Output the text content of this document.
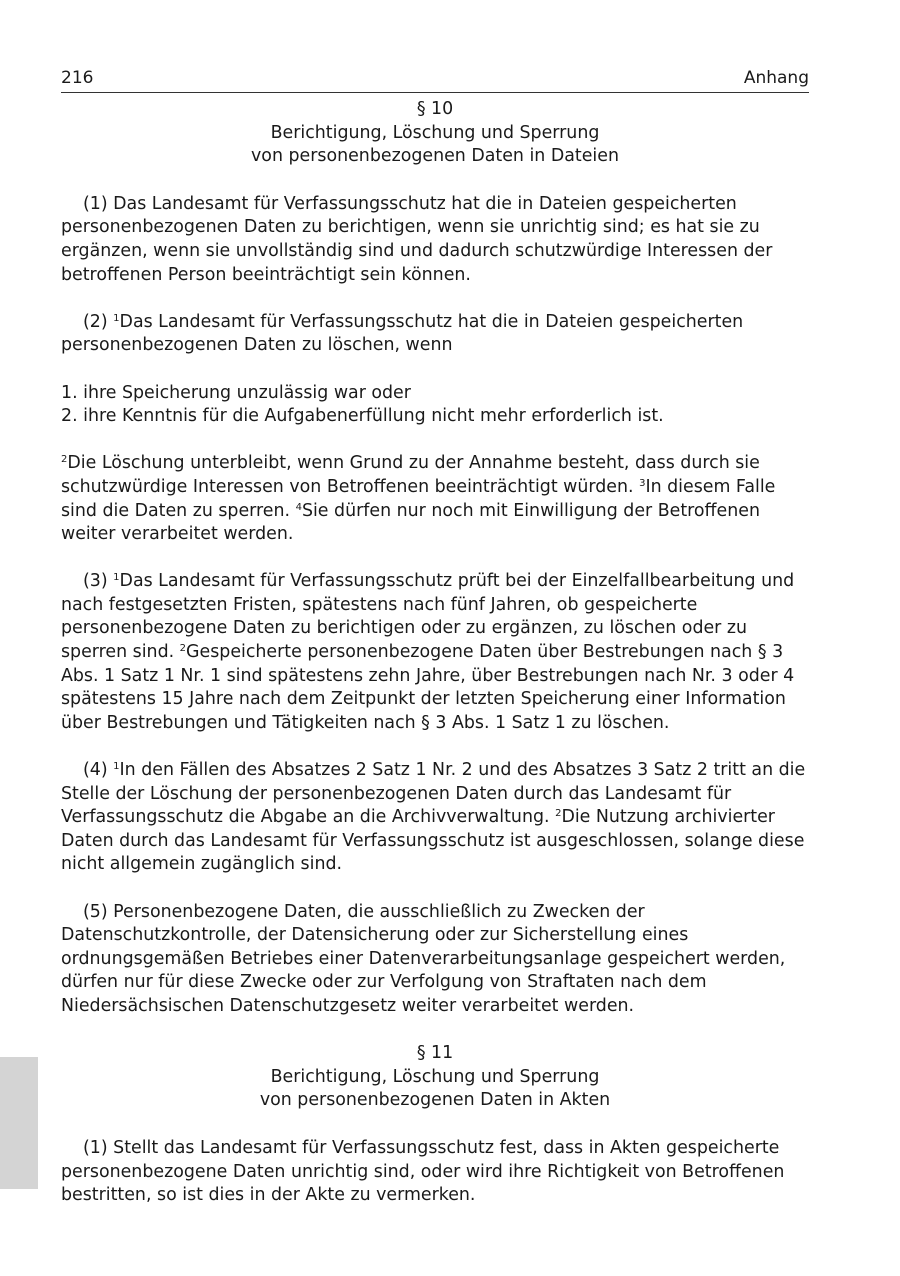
216	Anhang
§ 10
Berichtigung, Löschung und Sperrung
von personenbezogenen Daten in Dateien

(1) Das Landesamt für Verfassungsschutz hat die in Dateien gespeicherten personenbezogenen Daten zu berichtigen, wenn sie unrichtig sind; es hat sie zu ergänzen, wenn sie unvollständig sind und dadurch schutzwürdige Interessen der betroffenen Person beeinträchtigt sein können.

(2) $^1$Das Landesamt für Verfassungsschutz hat die in Dateien gespeicherten personenbezogenen Daten zu löschen, wenn

1. ihre Speicherung unzulässig war oder
2. ihre Kenntnis für die Aufgabenerfüllung nicht mehr erforderlich ist.

$^2$Die Löschung unterbleibt, wenn Grund zu der Annahme besteht, dass durch sie schutzwürdige Interessen von Betroffenen beeinträchtigt würden. $^3$In diesem Falle sind die Daten zu sperren. $^4$Sie dürfen nur noch mit Einwilligung der Betroffenen weiter verarbeitet werden.

(3) $^1$Das Landesamt für Verfassungsschutz prüft bei der Einzelfallbearbeitung und nach festgesetzten Fristen, spätestens nach fünf Jahren, ob gespeicherte personenbezogene Daten zu berichtigen oder zu ergänzen, zu löschen oder zu sperren sind. $^2$Gespeicherte personenbezogene Daten über Bestrebungen nach § 3 Abs. 1 Satz 1 Nr. 1 sind spätestens zehn Jahre, über Bestrebungen nach Nr. 3 oder 4 spätestens 15 Jahre nach dem Zeitpunkt der letzten Speicherung einer Information über Bestrebungen und Tätigkeiten nach § 3 Abs. 1 Satz 1 zu löschen.

(4) $^1$In den Fällen des Absatzes 2 Satz 1 Nr. 2 und des Absatzes 3 Satz 2 tritt an die Stelle der Löschung der personenbezogenen Daten durch das Landesamt für Verfassungsschutz die Abgabe an die Archivverwaltung. $^2$Die Nutzung archivierter Daten durch das Landesamt für Verfassungsschutz ist ausgeschlossen, solange diese nicht allgemein zugänglich sind.

(5) Personenbezogene Daten, die ausschließlich zu Zwecken der Datenschutzkontrolle, der Datensicherung oder zur Sicherstellung eines ordnungsgemäßen Betriebes einer Datenverarbeitungsanlage gespeichert werden, dürfen nur für diese Zwecke oder zur Verfolgung von Straftaten nach dem Niedersächsischen Datenschutzgesetz weiter verarbeitet werden.

§ 11
Berichtigung, Löschung und Sperrung
von personenbezogenen Daten in Akten

(1) Stellt das Landesamt für Verfassungsschutz fest, dass in Akten gespeicherte personenbezogene Daten unrichtig sind, oder wird ihre Richtigkeit von Betroffenen bestritten, so ist dies in der Akte zu vermerken.
